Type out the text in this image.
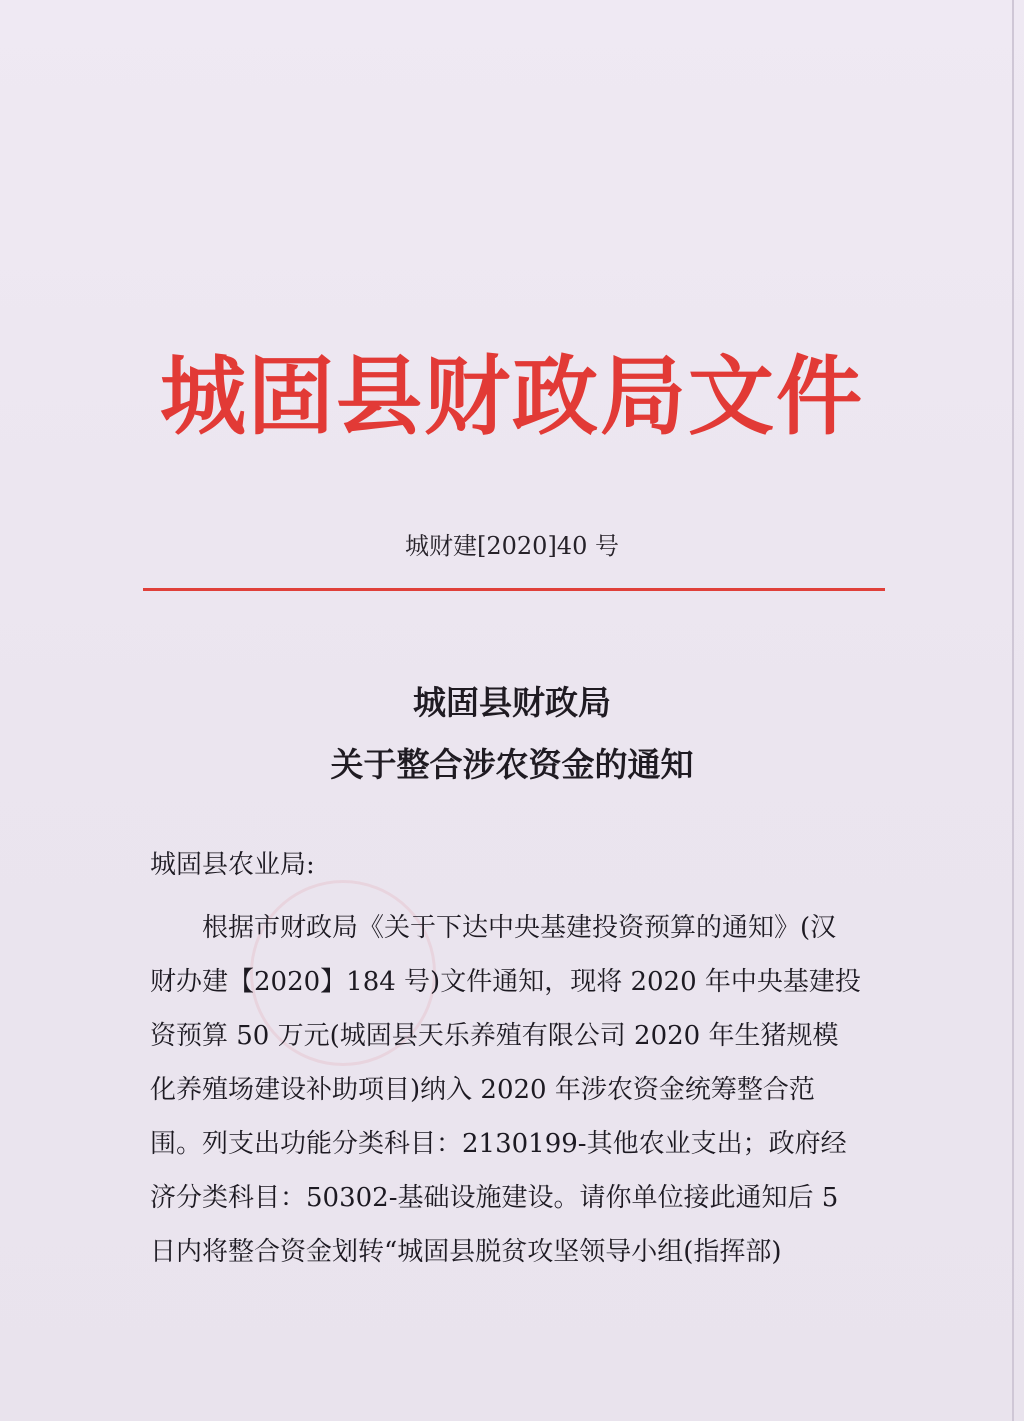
城固县财政局文件
城财建[2020]40 号
城固县财政局
关于整合涉农资金的通知
城固县农业局:
　　根据市财政局《关于下达中央基建投资预算的通知》(汉
财办建【2020】184 号)文件通知，现将 2020 年中央基建投
资预算 50 万元(城固县天乐养殖有限公司 2020 年生猪规模
化养殖场建设补助项目)纳入 2020 年涉农资金统筹整合范
围。列支出功能分类科目：2130199-其他农业支出；政府经
济分类科目：50302-基础设施建设。请你单位接此通知后 5
日内将整合资金划转“城固县脱贫攻坚领导小组(指挥部)
